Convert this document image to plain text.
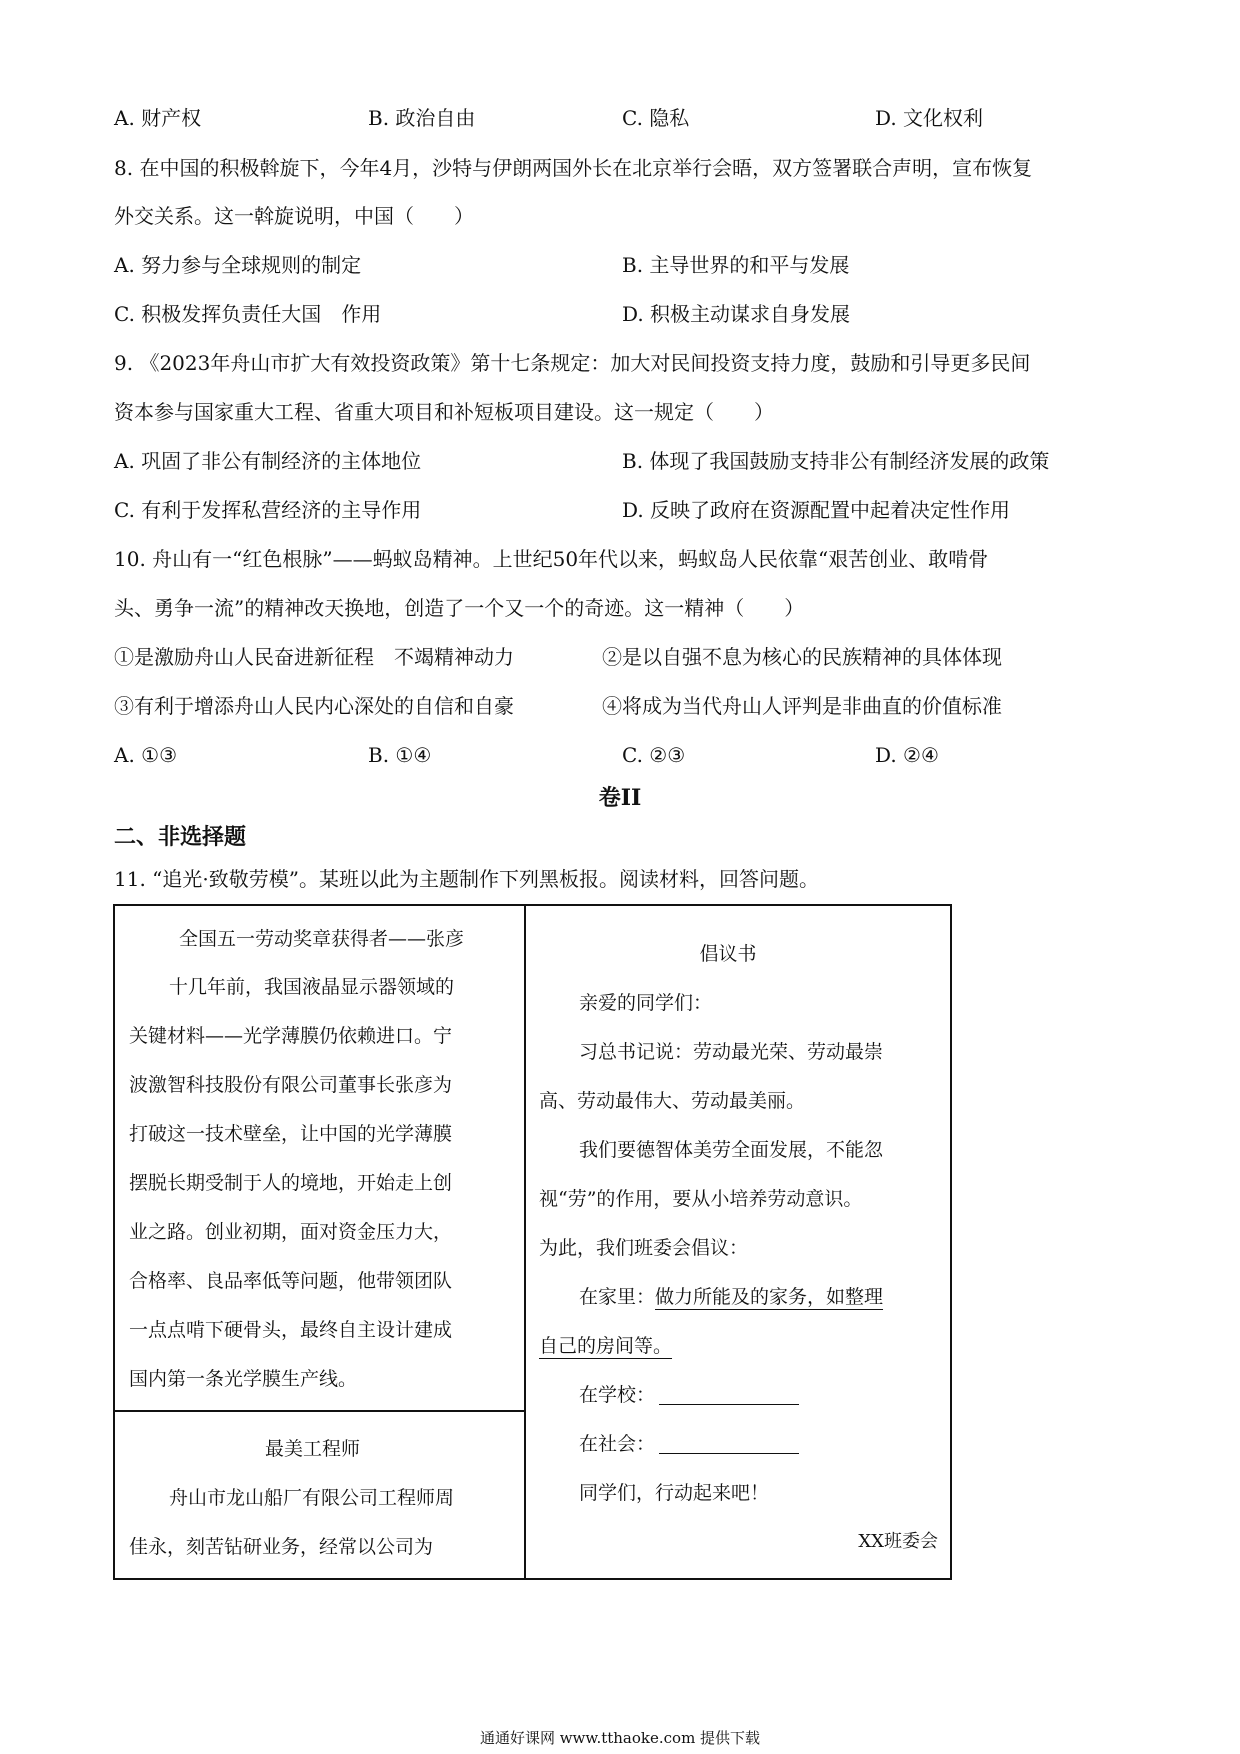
A. 财产权	B. 政治自由	C. 隐私	D. 文化权利
8. 在中国的积极斡旋下，今年4月，沙特与伊朗两国外长在北京举行会晤，双方签署联合声明，宣布恢复
外交关系。这一斡旋说明，中国（　　）
A. 努力参与全球规则的制定	B. 主导世界的和平与发展
C. 积极发挥负责任大国　作用	D. 积极主动谋求自身发展
9. 《2023年舟山市扩大有效投资政策》第十七条规定：加大对民间投资支持力度，鼓励和引导更多民间
资本参与国家重大工程、省重大项目和补短板项目建设。这一规定（　　）
A. 巩固了非公有制经济的主体地位	B. 体现了我国鼓励支持非公有制经济发展的政策
C. 有利于发挥私营经济的主导作用	D. 反映了政府在资源配置中起着决定性作用
10. 舟山有一“红色根脉”——蚂蚁岛精神。上世纪50年代以来，蚂蚁岛人民依靠“艰苦创业、敢啃骨
头、勇争一流”的精神改天换地，创造了一个又一个的奇迹。这一精神（　　）
①是激励舟山人民奋进新征程　不竭精神动力	②是以自强不息为核心的民族精神的具体体现
③有利于增添舟山人民内心深处的自信和自豪	④将成为当代舟山人评判是非曲直的价值标准
A. ①③	B. ①④	C. ②③	D. ②④
卷II
二、非选择题
11. “追光·致敬劳模”。某班以此为主题制作下列黑板报。阅读材料，回答问题。
全国五一劳动奖章获得者——张彦
十几年前，我国液晶显示器领域的
关键材料——光学薄膜仍依赖进口。宁
波激智科技股份有限公司董事长张彦为
打破这一技术壁垒，让中国的光学薄膜
摆脱长期受制于人的境地，开始走上创
业之路。创业初期，面对资金压力大，
合格率、良品率低等问题，他带领团队
一点点啃下硬骨头，最终自主设计建成
国内第一条光学膜生产线。
最美工程师
舟山市龙山船厂有限公司工程师周
佳永，刻苦钻研业务，经常以公司为
倡议书
亲爱的同学们：
习总书记说：劳动最光荣、劳动最崇
高、劳动最伟大、劳动最美丽。
我们要德智体美劳全面发展，不能忽
视“劳”的作用，要从小培养劳动意识。
为此，我们班委会倡议：
在家里：做力所能及的家务，如整理
自己的房间等。
在学校：
在社会：
同学们，行动起来吧！
XX班委会
通通好课网 www.tthaoke.com 提供下载
